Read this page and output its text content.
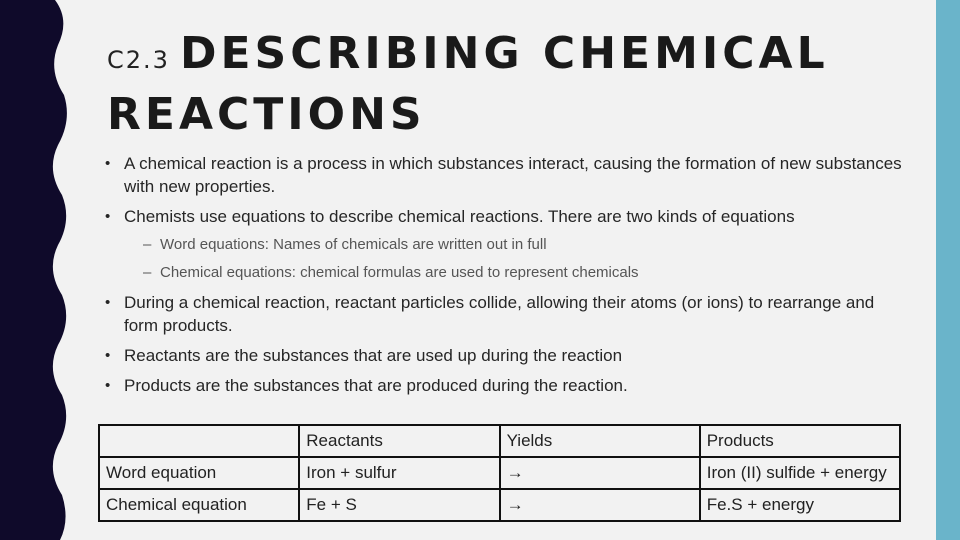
C2.3 DESCRIBING CHEMICAL REACTIONS
• A chemical reaction is a process in which substances interact, causing the formation of new substances with new properties.
• Chemists use equations to describe chemical reactions. There are two kinds of equations
– Word equations: Names of chemicals are written out in full
– Chemical equations: chemical formulas are used to represent chemicals
• During a chemical reaction, reactant particles collide, allowing their atoms (or ions) to rearrange and form products.
• Reactants are the substances that are used up during the reaction
• Products are the substances that are produced during the reaction.
	Reactants	Yields	Products
Word equation	Iron + sulfur	→	Iron (II) sulfide + energy
Chemical equation	Fe + S	→	Fe.S + energy
